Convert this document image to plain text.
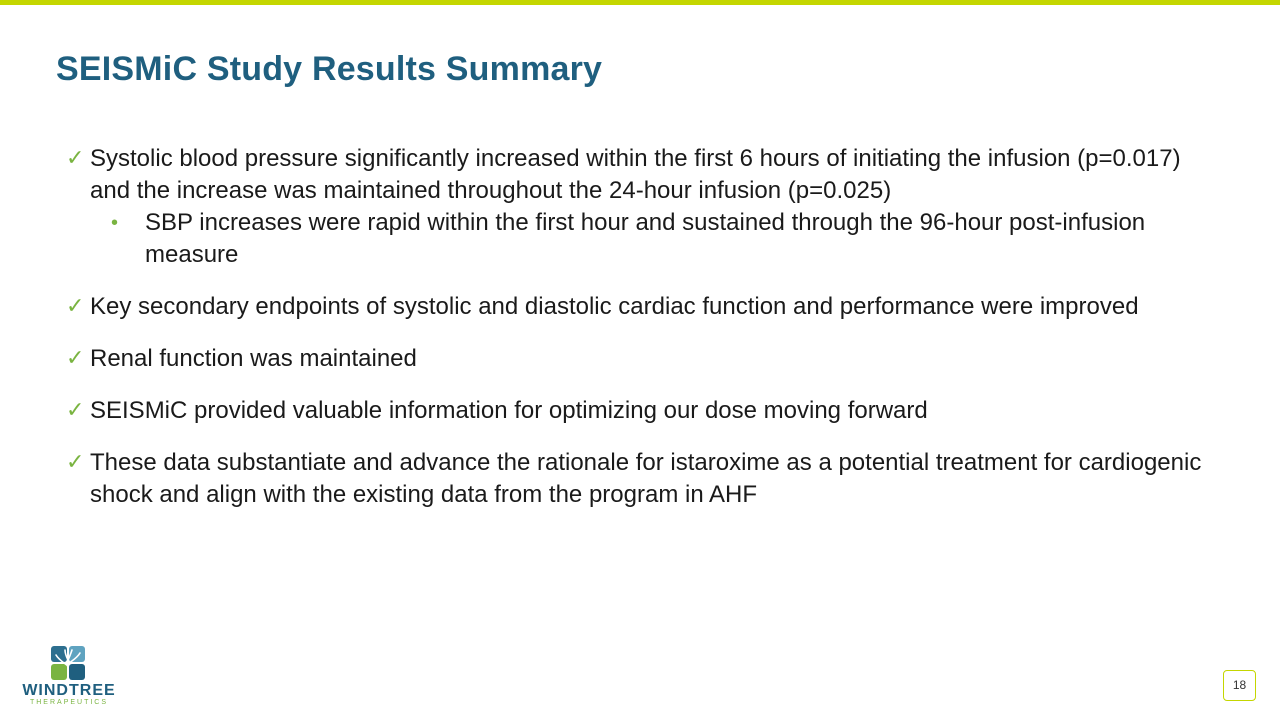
SEISMiC Study Results Summary
✓ Systolic blood pressure significantly increased within the first 6 hours of initiating the infusion (p=0.017) and the increase was maintained throughout the 24-hour infusion (p=0.025)
• SBP increases were rapid within the first hour and sustained through the 96-hour post-infusion measure
✓ Key secondary endpoints of systolic and diastolic cardiac function and performance were improved
✓ Renal function was maintained
✓ SEISMiC provided valuable information for optimizing our dose moving forward
✓ These data substantiate and advance the rationale for istaroxime as a potential treatment for cardiogenic shock and align with the existing data from the program in AHF
WINDTREE
THERAPEUTICS
18
